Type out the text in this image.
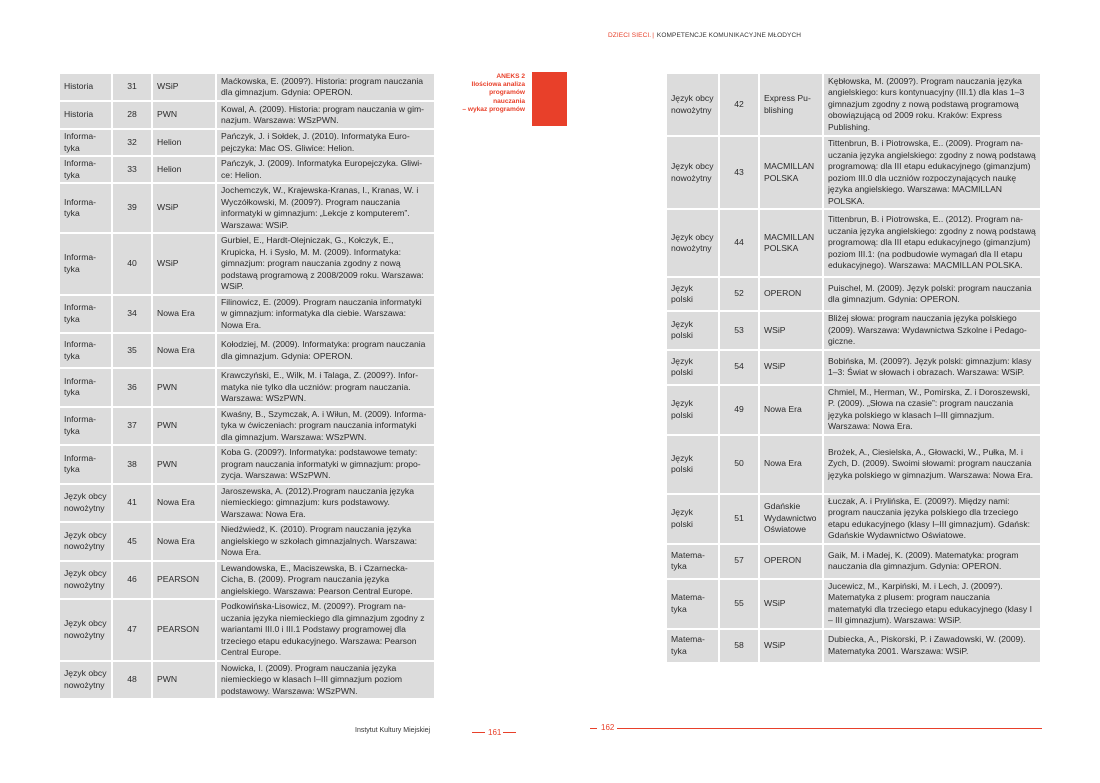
DZIECI SIECI.| KOMPETENCJE KOMUNIKACYJNE MŁODYCH
ANEKS 2
Ilościowa analiza
programów
nauczania
– wykaz programów
Historia	31	WSiP	Maćkowska, E. (2009?). Historia: program nauczania dla gimnazjum. Gdynia: OPERON.
Historia	28	PWN	Kowal, A. (2009). Historia: program nauczania w gimnazjum. Warszawa: WSzPWN.
Informatyka	32	Helion	Pańczyk, J. i Sołdek, J. (2010). Informatyka Europejczyka: Mac OS. Gliwice: Helion.
Informatyka	33	Helion	Pańczyk, J. (2009). Informatyka Europejczyka. Gliwice: Helion.
Informatyka	39	WSiP	Jochemczyk, W., Krajewska-Kranas, I., Kranas, W. i Wyczółkowski, M. (2009?). Program nauczania informatyki w gimnazjum: „Lekcje z komputerem”. Warszawa: WSiP.
Informatyka	40	WSiP	Gurbiel, E., Hardt-Olejniczak, G., Kołczyk, E., Krupicka, H. i Sysło, M. M. (2009). Informatyka: gimnazjum: program nauczania zgodny z nową podstawą programową z 2008/2009 roku. Warszawa: WSiP.
Informatyka	34	Nowa Era	Filinowicz, E. (2009). Program nauczania informatyki w gimnazjum: informatyka dla ciebie. Warszawa: Nowa Era.
Informatyka	35	Nowa Era	Kołodziej, M. (2009). Informatyka: program nauczania dla gimnazjum. Gdynia: OPERON.
Informatyka	36	PWN	Krawczyński, E., Wilk, M. i Talaga, Z. (2009?). Informatyka nie tylko dla uczniów: program nauczania. Warszawa: WSzPWN.
Informatyka	37	PWN	Kwaśny, B., Szymczak, A. i Wiłun, M. (2009). Informatyka w ćwiczeniach: program nauczania informatyki dla gimnazjum. Warszawa: WSzPWN.
Informatyka	38	PWN	Koba G. (2009?). Informatyka: podstawowe tematy: program nauczania informatyki w gimnazjum: propozycja. Warszawa: WSzPWN.
Język obcy nowożytny	41	Nowa Era	Jaroszewska, A. (2012).Program nauczania języka niemieckiego: gimnazjum: kurs podstawowy. Warszawa: Nowa Era.
Język obcy nowożytny	45	Nowa Era	Niedźwiedź, K. (2010). Program nauczania języka angielskiego w szkołach gimnazjalnych. Warszawa: Nowa Era.
Język obcy nowożytny	46	PEARSON	Lewandowska, E., Maciszewska, B. i Czarnecka-Cicha, B. (2009). Program nauczania języka angielskiego. Warszawa: Pearson Central Europe.
Język obcy nowożytny	47	PEARSON	Podkowińska-Lisowicz, M. (2009?). Program nauczania języka niemieckiego dla gimnazjum zgodny z wariantami III.0 i III.1 Podstawy programowej dla trzeciego etapu edukacyjnego. Warszawa: Pearson Central Europe.
Język obcy nowożytny	48	PWN	Nowicka, I. (2009). Program nauczania języka niemieckiego w klasach I–III gimnazjum poziom podstawowy. Warszawa: WSzPWN.
Język obcy nowożytny	42	Express Publishing	Kębłowska, M. (2009?). Program nauczania języka angielskiego: kurs kontynuacyjny (III.1) dla klas 1–3 gimnazjum zgodny z nową podstawą programową obowiązującą od 2009 roku. Kraków: Express Publishing.
Język obcy nowożytny	43	MACMILLAN POLSKA	Tittenbrun, B. i Piotrowska, E.. (2009). Program nauczania języka angielskiego: zgodny z nową podstawą programową: dla III etapu edukacyjnego (gimanzjum) poziom III.0 dla uczniów rozpoczynających naukę języka angielskiego. Warszawa: MACMILLAN POLSKA.
Język obcy nowożytny	44	MACMILLAN POLSKA	Tittenbrun, B. i Piotrowska, E.. (2012). Program nauczania języka angielskiego: zgodny z nową podstawą programową: dla III etapu edukacyjnego (gimanzjum) poziom III.1: (na podbudowie wymagań dla II etapu edukacyjnego). Warszawa: MACMILLAN POLSKA.
Język polski	52	OPERON	Puischel, M. (2009). Język polski: program nauczania dla gimnazjum. Gdynia: OPERON.
Język polski	53	WSiP	Bliżej słowa: program nauczania języka polskiego (2009). Warszawa: Wydawnictwa Szkolne i Pedagogiczne.
Język polski	54	WSiP	Bobińska, M. (2009?). Język polski: gimnazjum: klasy 1–3: Świat w słowach i obrazach. Warszawa: WSiP.
Język polski	49	Nowa Era	Chmiel, M., Herman, W., Pomirska, Z. i Doroszewski, P. (2009). „Słowa na czasie”: program nauczania języka polskiego w klasach I–III gimnazjum. Warszawa: Nowa Era.
Język polski	50	Nowa Era	Brożek, A., Ciesielska, A., Głowacki, W., Pułka, M. i Zych, D. (2009). Swoimi słowami: program nauczania języka polskiego w gimnazjum. Warszawa: Nowa Era.
Język polski	51	Gdańskie Wydawnictwo Oświatowe	Łuczak, A. i Prylińska, E. (2009?). Między nami: program nauczania języka polskiego dla trzeciego etapu edukacyjnego (klasy I–III gimnazjum). Gdańsk: Gdańskie Wydawnictwo Oświatowe.
Matematyka	57	OPERON	Gaik, M. i Madej, K. (2009). Matematyka: program nauczania dla gimnazjum. Gdynia: OPERON.
Matematyka	55	WSiP	Jucewicz, M., Karpiński, M. i Lech, J. (2009?). Matematyka z plusem: program nauczania matematyki dla trzeciego etapu edukacyjnego (klasy I – III gimnazjum). Warszawa: WSiP.
Matematyka	58	WSiP	Dubiecka, A., Piskorski, P. i Zawadowski, W. (2009). Matematyka 2001. Warszawa: WSiP.
Instytut Kultury Miejskiej	161
162
